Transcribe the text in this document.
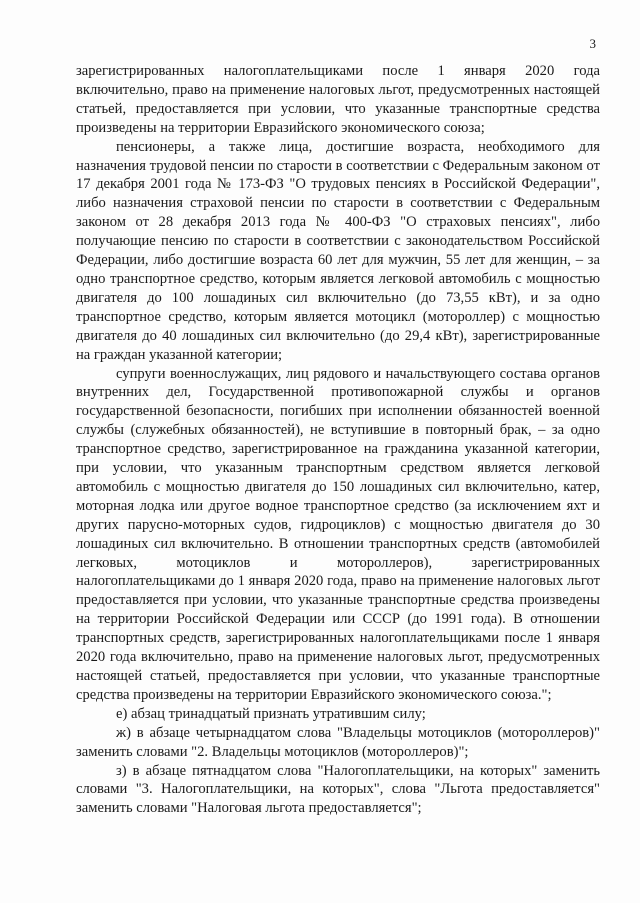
3

зарегистрированных налогоплательщиками после 1 января 2020 года включительно, право на применение налоговых льгот, предусмотренных настоящей статьей, предоставляется при условии, что указанные транспортные средства произведены на территории Евразийского экономического союза;

пенсионеры, а также лица, достигшие возраста, необходимого для назначения трудовой пенсии по старости в соответствии с Федеральным законом от 17 декабря 2001 года № 173-ФЗ "О трудовых пенсиях в Российской Федерации", либо назначения страховой пенсии по старости в соответствии с Федеральным законом от 28 декабря 2013 года № 400-ФЗ "О страховых пенсиях", либо получающие пенсию по старости в соответствии с законодательством Российской Федерации, либо достигшие возраста 60 лет для мужчин, 55 лет для женщин, – за одно транспортное средство, которым является легковой автомобиль с мощностью двигателя до 100 лошадиных сил включительно (до 73,55 кВт), и за одно транспортное средство, которым является мотоцикл (мотороллер) с мощностью двигателя до 40 лошадиных сил включительно (до 29,4 кВт), зарегистрированные на граждан указанной категории;

супруги военнослужащих, лиц рядового и начальствующего состава органов внутренних дел, Государственной противопожарной службы и органов государственной безопасности, погибших при исполнении обязанностей военной службы (служебных обязанностей), не вступившие в повторный брак, – за одно транспортное средство, зарегистрированное на гражданина указанной категории, при условии, что указанным транспортным средством является легковой автомобиль с мощностью двигателя до 150 лошадиных сил включительно, катер, моторная лодка или другое водное транспортное средство (за исключением яхт и других парусно-моторных судов, гидроциклов) с мощностью двигателя до 30 лошадиных сил включительно. В отношении транспортных средств (автомобилей легковых, мотоциклов и мотороллеров), зарегистрированных налогоплательщиками до 1 января 2020 года, право на применение налоговых льгот предоставляется при условии, что указанные транспортные средства произведены на территории Российской Федерации или СССР (до 1991 года). В отношении транспортных средств, зарегистрированных налогоплательщиками после 1 января 2020 года включительно, право на применение налоговых льгот, предусмотренных настоящей статьей, предоставляется при условии, что указанные транспортные средства произведены на территории Евразийского экономического союза.";

е) абзац тринадцатый признать утратившим силу;

ж) в абзаце четырнадцатом слова "Владельцы мотоциклов (мотороллеров)" заменить словами "2. Владельцы мотоциклов (мотороллеров)";

з) в абзаце пятнадцатом слова "Налогоплательщики, на которых" заменить словами "3. Налогоплательщики, на которых", слова "Льгота предоставляется" заменить словами "Налоговая льгота предоставляется";
